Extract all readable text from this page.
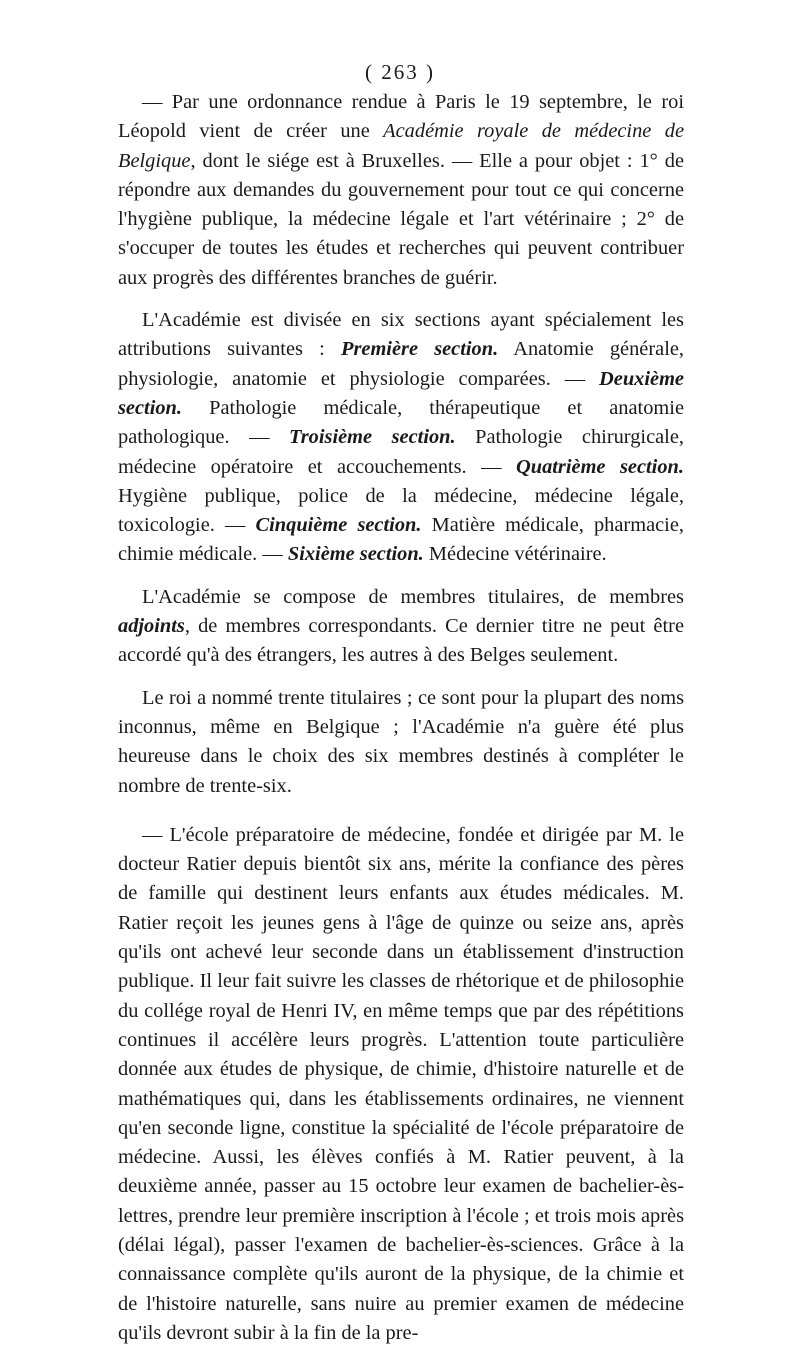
( 263 )

— Par une ordonnance rendue à Paris le 19 septembre, le roi Léopold vient de créer une Académie royale de médecine de Belgique, dont le siége est à Bruxelles. — Elle a pour objet : 1° de répondre aux demandes du gouvernement pour tout ce qui concerne l'hygiène publique, la médecine légale et l'art vétérinaire ; 2° de s'occuper de toutes les études et recherches qui peuvent contribuer aux progrès des différentes branches de guérir.

L'Académie est divisée en six sections ayant spécialement les attributions suivantes : Première section. Anatomie générale, physiologie, anatomie et physiologie comparées. — Deuxième section. Pathologie médicale, thérapeutique et anatomie pathologique. — Troisième section. Pathologie chirurgicale, médecine opératoire et accouchements. — Quatrième section. Hygiène publique, police de la médecine, médecine légale, toxicologie. — Cinquième section. Matière médicale, pharmacie, chimie médicale. — Sixième section. Médecine vétérinaire.

L'Académie se compose de membres titulaires, de membres adjoints, de membres correspondants. Ce dernier titre ne peut être accordé qu'à des étrangers, les autres à des Belges seulement.

Le roi a nommé trente titulaires ; ce sont pour la plupart des noms inconnus, même en Belgique ; l'Académie n'a guère été plus heureuse dans le choix des six membres destinés à compléter le nombre de trente-six.

— L'école préparatoire de médecine, fondée et dirigée par M. le docteur Ratier depuis bientôt six ans, mérite la confiance des pères de famille qui destinent leurs enfants aux études médicales. M. Ratier reçoit les jeunes gens à l'âge de quinze ou seize ans, après qu'ils ont achevé leur seconde dans un établissement d'instruction publique. Il leur fait suivre les classes de rhétorique et de philosophie du collége royal de Henri IV, en même temps que par des répétitions continues il accélère leurs progrès. L'attention toute particulière donnée aux études de physique, de chimie, d'histoire naturelle et de mathématiques qui, dans les établissements ordinaires, ne viennent qu'en seconde ligne, constitue la spécialité de l'école préparatoire de médecine. Aussi, les élèves confiés à M. Ratier peuvent, à la deuxième année, passer au 15 octobre leur examen de bachelier-ès-lettres, prendre leur première inscription à l'école ; et trois mois après (délai légal), passer l'examen de bachelier-ès-sciences. Grâce à la connaissance complète qu'ils auront de la physique, de la chimie et de l'histoire naturelle, sans nuire au premier examen de médecine qu'ils devront subir à la fin de la pre-
